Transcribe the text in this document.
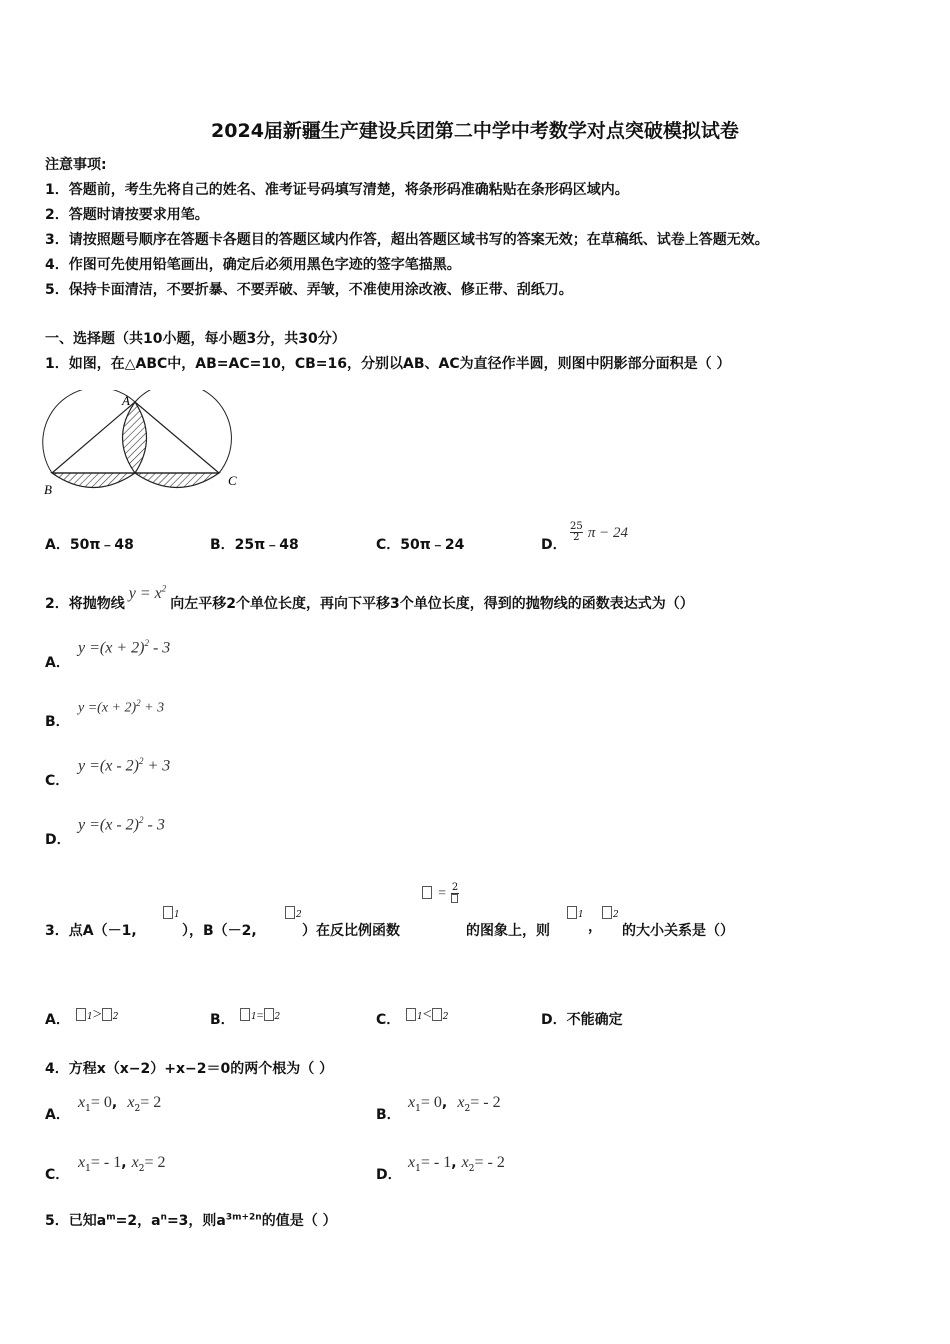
2024届新疆生产建设兵团第二中学中考数学对点突破模拟试卷
注意事项:
1．答题前，考生先将自己的姓名、准考证号码填写清楚，将条形码准确粘贴在条形码区域内。
2．答题时请按要求用笔。
3．请按照题号顺序在答题卡各题目的答题区域内作答，超出答题区域书写的答案无效；在草稿纸、试卷上答题无效。
4．作图可先使用铅笔画出，确定后必须用黑色字迹的签字笔描黑。
5．保持卡面清洁，不要折暴、不要弄破、弄皱，不准使用涂改液、修正带、刮纸刀。
一、选择题（共10小题，每小题3分，共30分）
1．如图，在△ABC中，AB=AC=10，CB=16，分别以AB、AC为直径作半圆，则图中阴影部分面积是（ ）
A
B
C
A．50π﹣48	B．25π﹣48	C．50π﹣24	D．
$\frac{25}{2}$ π − 24
2．将抛物线$y = x^2$向左平移2个单位长度，再向下平移3个单位长度，得到的抛物线的函数表达式为（）
A．
$y =(x + 2)^2 - 3$
B．
$y =(x + 2)^2 + 3$
C．
y =(x - 2)$^2$ + 3
D．
y =(x - 2)$^2$ - 3
3．点A（－1,
1
），B（－2,
2
）在反比例函数
= 2
的图象上，则
1
，
2
的大小关系是（）
A．	1> 2	B．	1= 2	C．	1< 2	D．不能确定
4．方程x（x−2）+x−2＝0的两个根为（ ）
A．
$x_1= 0$, $x_2= 2$
B．
$x_1= 0$, $x_2= - 2$
C．
$x_1= - 1$, $x_2= 2$
D．
$x_1= - 1$, $x_2= - 2$
5．已知$a^m=2$，$a^n=3$，则$a^{3m+2n}$的值是（ ）
